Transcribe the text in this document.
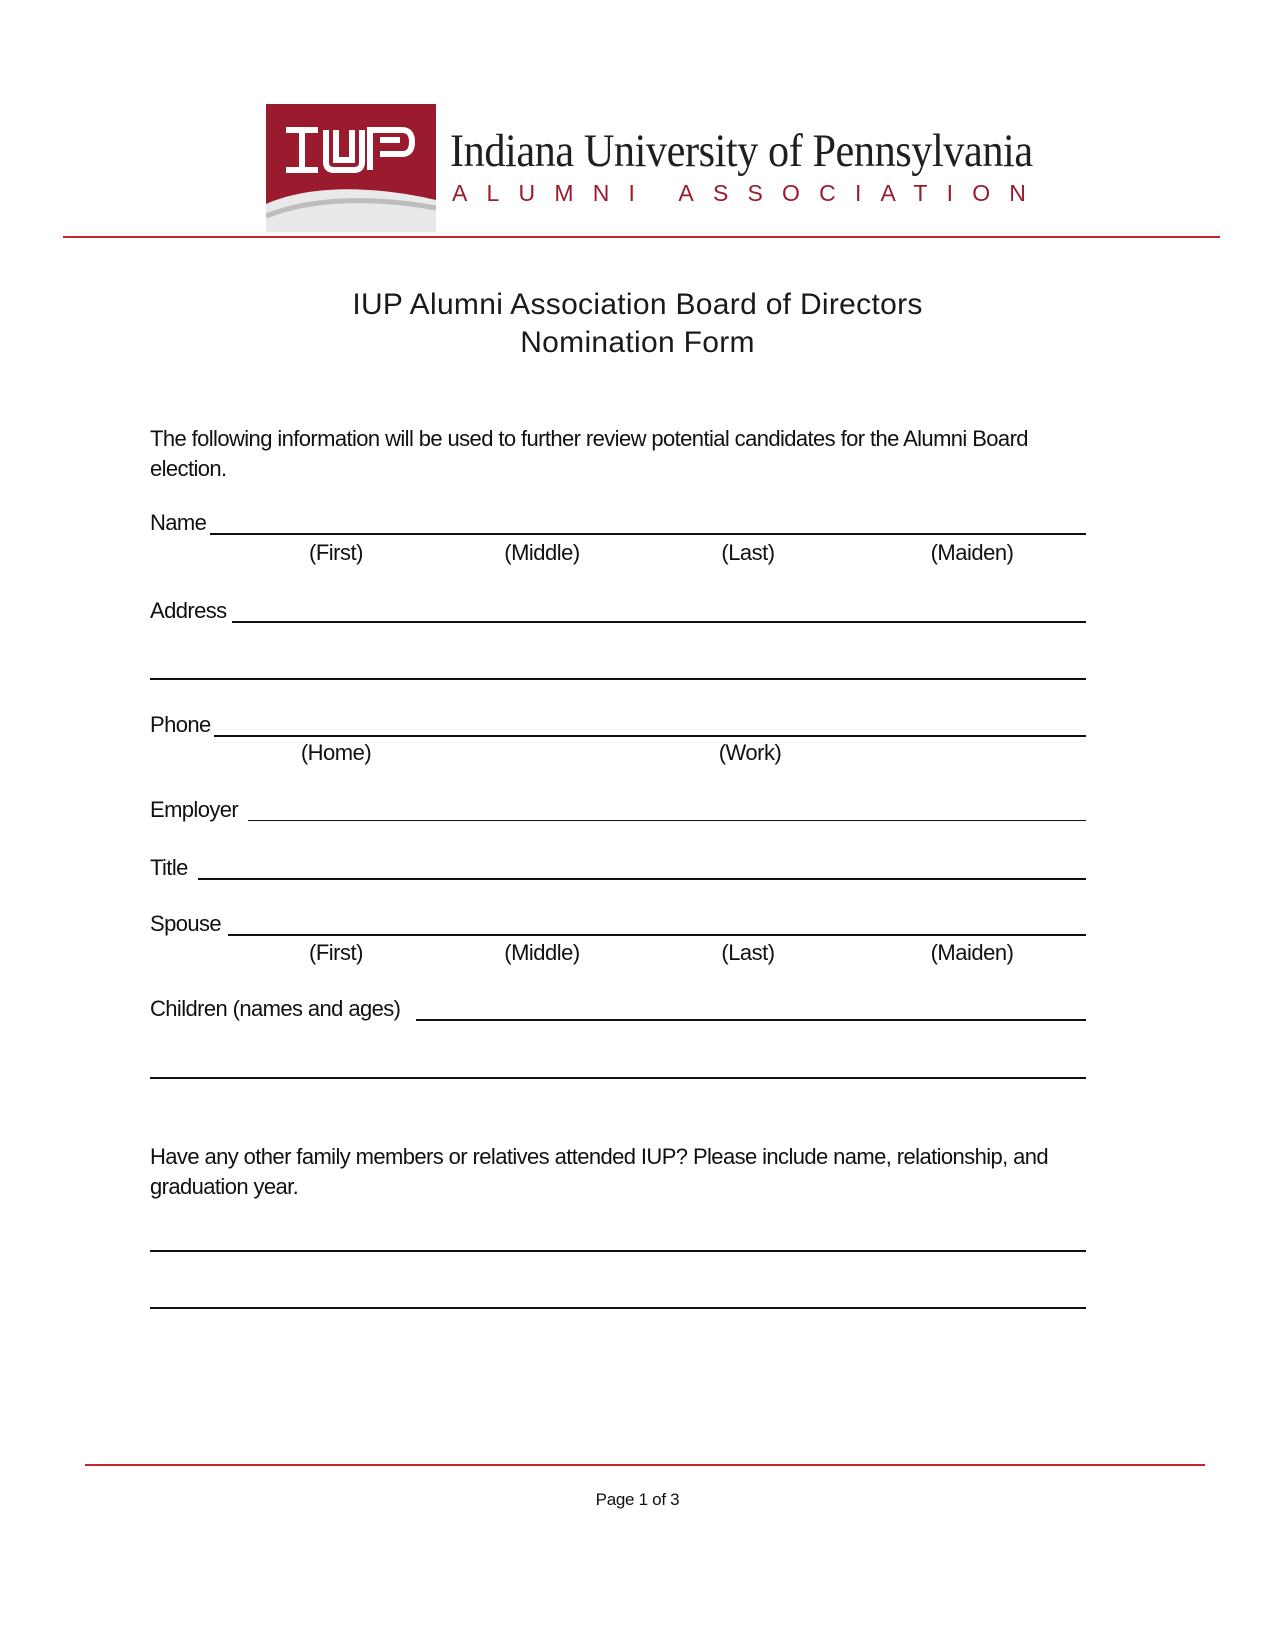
Indiana University of Pennsylvania
ALUMNI ASSOCIATION
IUP Alumni Association Board of Directors
Nomination Form
The following information will be used to further review potential candidates for the Alumni Board election.
Name
(First)	(Middle)	(Last)	(Maiden)
Address
Phone
(Home)	(Work)
Employer
Title
Spouse
(First)	(Middle)	(Last)	(Maiden)
Children (names and ages)
Have any other family members or relatives attended IUP? Please include name, relationship, and graduation year.
Page 1 of 3
